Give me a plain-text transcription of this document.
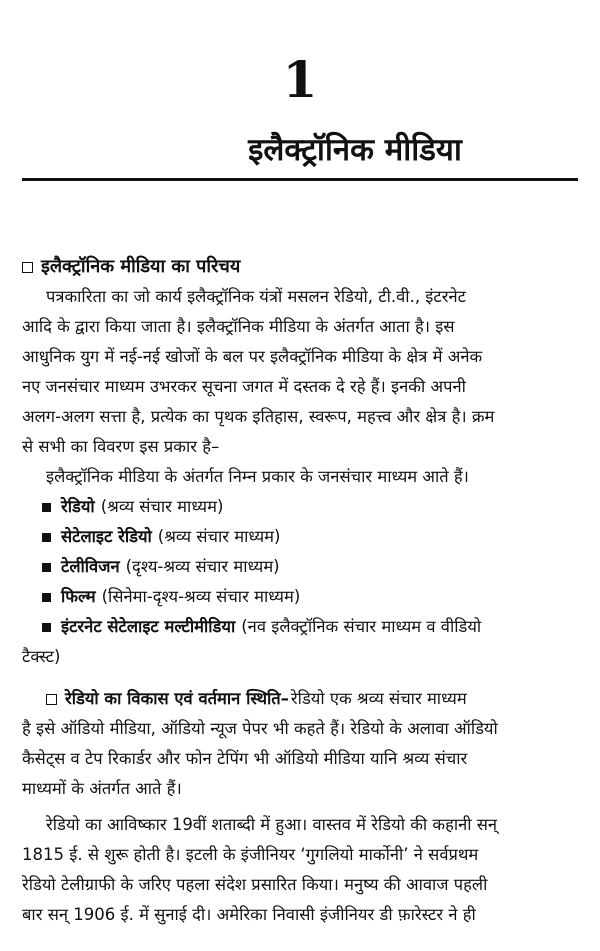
1
इलैक्ट्रॉनिक मीडिया
इलैक्ट्रॉनिक मीडिया का परिचय
पत्रकारिता का जो कार्य इलैक्ट्रॉनिक यंत्रों मसलन रेडियो, टी.वी., इंटरनेट
आदि के द्वारा किया जाता है। इलैक्ट्रॉनिक मीडिया के अंतर्गत आता है। इस
आधुनिक युग में नई-नई खोजों के बल पर इलैक्ट्रॉनिक मीडिया के क्षेत्र में अनेक
नए जनसंचार माध्यम उभरकर सूचना जगत में दस्तक दे रहे हैं। इनकी अपनी
अलग-अलग सत्ता है, प्रत्येक का पृथक इतिहास, स्वरूप, महत्त्व और क्षेत्र है। क्रम
से सभी का विवरण इस प्रकार है–
इलैक्ट्रॉनिक मीडिया के अंतर्गत निम्न प्रकार के जनसंचार माध्यम आते हैं।
रेडियो (श्रव्य संचार माध्यम)
सेटेलाइट रेडियो (श्रव्य संचार माध्यम)
टेलीविजन (दृश्य-श्रव्य संचार माध्यम)
फिल्म (सिनेमा-दृश्य-श्रव्य संचार माध्यम)
इंटरनेट सेटेलाइट मल्टीमीडिया (नव इलैक्ट्रॉनिक संचार माध्यम व वीडियो
टैक्स्ट)
रेडियो का विकास एवं वर्तमान स्थिति– रेडियो एक श्रव्य संचार माध्यम
है इसे ऑडियो मीडिया, ऑडियो न्यूज पेपर भी कहते हैं। रेडियो के अलावा ऑडियो
कैसेट्स व टेप रिकार्डर और फोन टेपिंग भी ऑडियो मीडिया यानि श्रव्य संचार
माध्यमों के अंतर्गत आते हैं।
रेडियो का आविष्कार 19वीं शताब्दी में हुआ। वास्तव में रेडियो की कहानी सन्
1815 ई. से शुरू होती है। इटली के इंजीनियर ‘गुगलियो मार्कोनी’ ने सर्वप्रथम
रेडियो टेलीग्राफी के जरिए पहला संदेश प्रसारित किया। मनुष्य की आवाज पहली
बार सन् 1906 ई. में सुनाई दी। अमेरिका निवासी इंजीनियर डी फ़ारेस्टर ने ही
